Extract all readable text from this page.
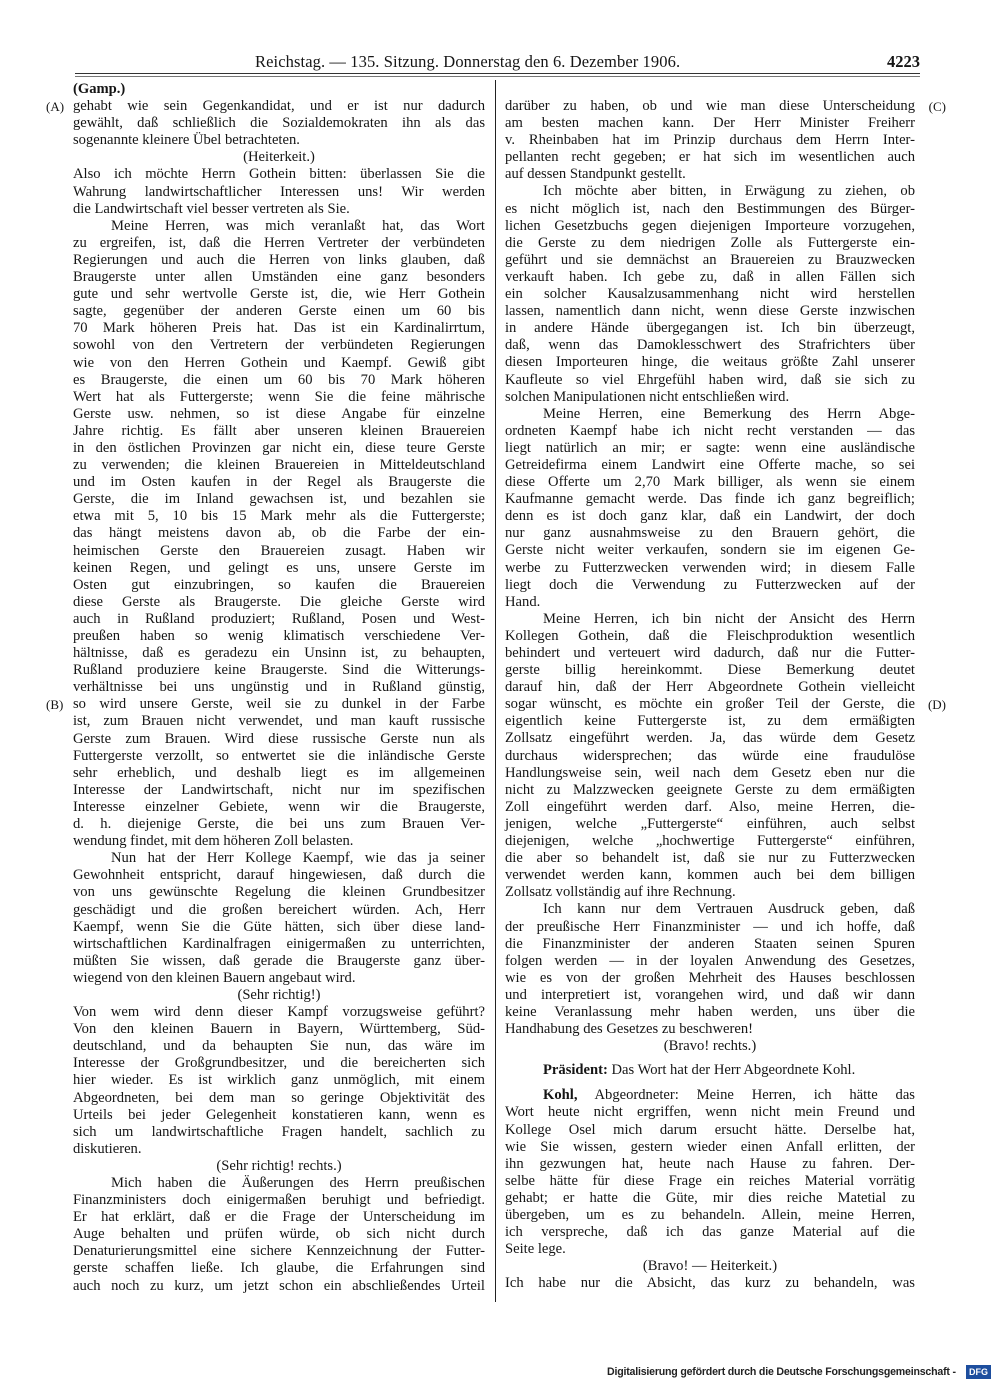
Reichstag. — 135. Sitzung. Donnerstag den 6. Dezember 1906.	4223
(Gamp.)
gehabt wie sein Gegenkandidat, und er ist nur dadurch
(A)
gewählt, daß schließlich die Sozialdemokraten ihn als das
sogenannte kleinere Übel betrachteten.
(Heiterkeit.)
Also ich möchte Herrn Gothein bitten: überlassen Sie die
Wahrung landwirtschaftlicher Interessen uns! Wir werden
die Landwirtschaft viel besser vertreten als Sie.
Meine Herren, was mich veranlaßt hat, das Wort
zu ergreifen, ist, daß die Herren Vertreter der verbündeten
Regierungen und auch die Herren von links glauben, daß
Braugerste unter allen Umständen eine ganz besonders
gute und sehr wertvolle Gerste ist, die, wie Herr Gothein
sagte, gegenüber der anderen Gerste einen um 60 bis
70 Mark höheren Preis hat. Das ist ein Kardinalirrtum,
sowohl von den Vertretern der verbündeten Regierungen
wie von den Herren Gothein und Kaempf. Gewiß gibt
es Braugerste, die einen um 60 bis 70 Mark höheren
Wert hat als Futtergerste; wenn Sie die feine mährische
Gerste usw. nehmen, so ist diese Angabe für einzelne
Jahre richtig. Es fällt aber unseren kleinen Brauereien
in den östlichen Provinzen gar nicht ein, diese teure Gerste
zu verwenden; die kleinen Brauereien in Mitteldeutschland
und im Osten kaufen in der Regel als Braugerste die
Gerste, die im Inland gewachsen ist, und bezahlen sie
etwa mit 5, 10 bis 15 Mark mehr als die Futtergerste;
das hängt meistens davon ab, ob die Farbe der ein-
heimischen Gerste den Brauereien zusagt. Haben wir
keinen Regen, und gelingt es uns, unsere Gerste im
Osten gut einzubringen, so kaufen die Brauereien
diese Gerste als Braugerste. Die gleiche Gerste wird
auch in Rußland produziert; Rußland, Posen und West-
preußen haben so wenig klimatisch verschiedene Ver-
hältnisse, daß es geradezu ein Unsinn ist, zu behaupten,
Rußland produziere keine Braugerste. Sind die Witterungs-
verhältnisse bei uns ungünstig und in Rußland günstig,
so wird unsere Gerste, weil sie zu dunkel in der Farbe
(B)
ist, zum Brauen nicht verwendet, und man kauft russische
Gerste zum Brauen. Wird diese russische Gerste nun als
Futtergerste verzollt, so entwertet sie die inländische Gerste
sehr erheblich, und deshalb liegt es im allgemeinen
Interesse der Landwirtschaft, nicht nur im spezifischen
Interesse einzelner Gebiete, wenn wir die Braugerste,
d. h. diejenige Gerste, die bei uns zum Brauen Ver-
wendung findet, mit dem höheren Zoll belasten.
Nun hat der Herr Kollege Kaempf, wie das ja seiner
Gewohnheit entspricht, darauf hingewiesen, daß durch die
von uns gewünschte Regelung die kleinen Grundbesitzer
geschädigt und die großen bereichert würden. Ach, Herr
Kaempf, wenn Sie die Güte hätten, sich über diese land-
wirtschaftlichen Kardinalfragen einigermaßen zu unterrichten,
müßten Sie wissen, daß gerade die Braugerste ganz über-
wiegend von den kleinen Bauern angebaut wird.
(Sehr richtig!)
Von wem wird denn dieser Kampf vorzugsweise geführt?
Von den kleinen Bauern in Bayern, Württemberg, Süd-
deutschland, und da behaupten Sie nun, das wäre im
Interesse der Großgrundbesitzer, und die bereicherten sich
hier wieder. Es ist wirklich ganz unmöglich, mit einem
Abgeordneten, bei dem man so geringe Objektivität des
Urteils bei jeder Gelegenheit konstatieren kann, wenn es
sich um landwirtschaftliche Fragen handelt, sachlich zu
diskutieren.
(Sehr richtig! rechts.)
Mich haben die Äußerungen des Herrn preußischen
Finanzministers doch einigermaßen beruhigt und befriedigt.
Er hat erklärt, daß er die Frage der Unterscheidung im
Auge behalten und prüfen würde, ob sich nicht durch
Denaturierungsmittel eine sichere Kennzeichnung der Futter-
gerste schaffen ließe. Ich glaube, die Erfahrungen sind
auch noch zu kurz, um jetzt schon ein abschließendes Urteil
darüber zu haben, ob und wie man diese Unterscheidung (C)
am besten machen kann. Der Herr Minister Freiherr
v. Rheinbaben hat im Prinzip durchaus dem Herrn Inter-
pellanten recht gegeben; er hat sich im wesentlichen auch
auf dessen Standpunkt gestellt.
Ich möchte aber bitten, in Erwägung zu ziehen, ob
es nicht möglich ist, nach den Bestimmungen des Bürger-
lichen Gesetzbuchs gegen diejenigen Importeure vorzugehen,
die Gerste zu dem niedrigen Zolle als Futtergerste ein-
geführt und sie demnächst an Brauereien zu Brauzwecken
verkauft haben. Ich gebe zu, daß in allen Fällen sich
ein solcher Kausalzusammenhang nicht wird herstellen
lassen, namentlich dann nicht, wenn diese Gerste inzwischen
in andere Hände übergegangen ist. Ich bin überzeugt,
daß, wenn das Damoklesschwert des Strafrichters über
diesen Importeuren hinge, die weitaus größte Zahl unserer
Kaufleute so viel Ehrgefühl haben wird, daß sie sich zu
solchen Manipulationen nicht entschließen wird.
Meine Herren, eine Bemerkung des Herrn Abge-
ordneten Kaempf habe ich nicht recht verstanden — das
liegt natürlich an mir; er sagte: wenn eine ausländische
Getreidefirma einem Landwirt eine Offerte mache, so sei
diese Offerte um 2,70 Mark billiger, als wenn sie einem
Kaufmanne gemacht werde. Das finde ich ganz begreiflich;
denn es ist doch ganz klar, daß ein Landwirt, der doch
nur ganz ausnahmsweise zu den Brauern gehört, die
Gerste nicht weiter verkaufen, sondern sie im eigenen Ge-
werbe zu Futterzwecken verwenden wird; in diesem Falle
liegt doch die Verwendung zu Futterzwecken auf der
Hand.
Meine Herren, ich bin nicht der Ansicht des Herrn
Kollegen Gothein, daß die Fleischproduktion wesentlich
behindert und verteuert wird dadurch, daß nur die Futter-
gerste billig hereinkommt. Diese Bemerkung deutet
darauf hin, daß der Herr Abgeordnete Gothein vielleicht
sogar wünscht, es möchte ein großer Teil der Gerste, die (D)
eigentlich keine Futtergerste ist, zu dem ermäßigten
Zollsatz eingeführt werden. Ja, das würde dem Gesetz
durchaus widersprechen; das würde eine fraudulöse
Handlungsweise sein, weil nach dem Gesetz eben nur die
nicht zu Malzzwecken geeignete Gerste zu dem ermäßigten
Zoll eingeführt werden darf. Also, meine Herren, die-
jenigen, welche „Futtergerste“ einführen, auch selbst
diejenigen, welche „hochwertige Futtergerste“ einführen,
die aber so behandelt ist, daß sie nur zu Futterzwecken
verwendet werden kann, kommen auch bei dem billigen
Zollsatz vollständig auf ihre Rechnung.
Ich kann nur dem Vertrauen Ausdruck geben, daß
der preußische Herr Finanzminister — und ich hoffe, daß
die Finanzminister der anderen Staaten seinen Spuren
folgen werden — in der loyalen Anwendung des Gesetzes,
wie es von der großen Mehrheit des Hauses beschlossen
und interpretiert ist, vorangehen wird, und daß wir dann
keine Veranlassung mehr haben werden, uns über die
Handhabung des Gesetzes zu beschweren!
(Bravo! rechts.)
Präsident: Das Wort hat der Herr Abgeordnete Kohl.
Kohl, Abgeordneter: Meine Herren, ich hätte das
Wort heute nicht ergriffen, wenn nicht mein Freund und
Kollege Osel mich darum ersucht hätte. Derselbe hat,
wie Sie wissen, gestern wieder einen Anfall erlitten, der
ihn gezwungen hat, heute nach Hause zu fahren. Der-
selbe hätte für diese Frage ein reiches Material vorrätig
gehabt; er hatte die Güte, mir dies reiche Matetial zu
übergeben, um es zu behandeln. Allein, meine Herren,
ich verspreche, daß ich das ganze Material auf die
Seite lege.
(Bravo! — Heiterkeit.)
Ich habe nur die Absicht, das kurz zu behandeln, was
Digitalisierung gefördert durch die Deutsche Forschungsgemeinschaft -	DFG
